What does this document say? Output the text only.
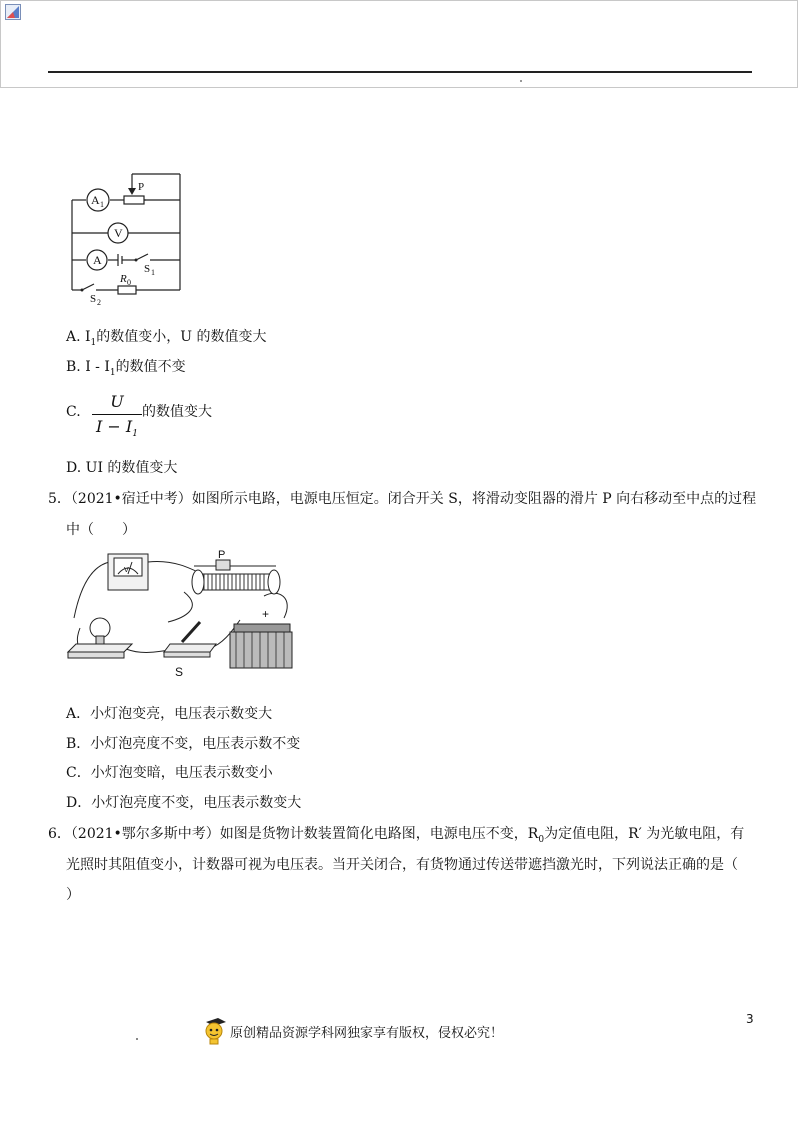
A 1
P
V
A
S 1
R 0
S 2
A. $I_1$的数值变小，U 的数值变大
B. I - $I_1$的数值不变
C.
U
$I - I_1$
的数值变大
D. UI 的数值变大
5．（2021•宿迁中考）如图所示电路，电源电压恒定。闭合开关 S，将滑动变阻器的滑片 P 向右移动至中点的过程
中（　　）
P
S
+
V
A．小灯泡变亮，电压表示数变大
B．小灯泡亮度不变，电压表示数不变
C．小灯泡变暗，电压表示数变小
D．小灯泡亮度不变，电压表示数变大
6．（2021•鄂尔多斯中考）如图是货物计数装置简化电路图，电源电压不变，$R_0$为定值电阻，R′ 为光敏电阻，有
光照时其阻值变小，计数器可视为电压表。当开关闭合，有货物通过传送带遮挡激光时，下列说法正确的是（
）
3
原创精品资源学科网独家享有版权，侵权必究！
